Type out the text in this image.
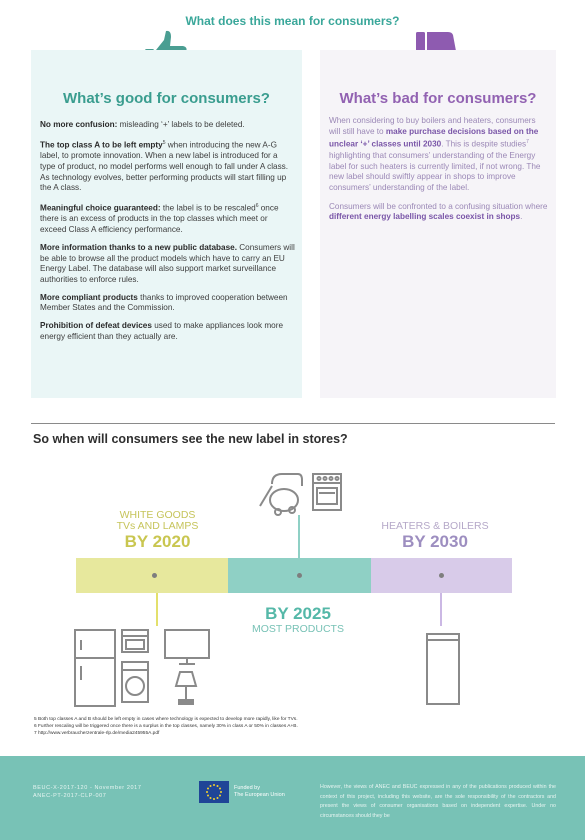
What does this mean for consumers?
What’s good for consumers?

No more confusion: misleading ‘+’ labels to be deleted.

The top class A to be left empty$^5$ when introducing the new A-G label, to promote innovation. When a new label is introduced for a type of product, no model performs well enough to fall under A class. As technology evolves, better performing products will start filling up the A class.

Meaningful choice guaranteed: the label is to be rescaled$^6$ once there is an excess of products in the top classes which meet or exceed Class A efficiency performance.

More information thanks to a new public database. Consumers will be able to browse all the product models which have to carry an EU Energy Label. The database will also support market surveillance authorities to enforce rules.

More compliant products thanks to improved cooperation between Member States and the Commission.

Prohibition of defeat devices used to make appliances look more energy efficient than they actually are.

What’s bad for consumers?

When considering to buy boilers and heaters, consumers will still have to make purchase decisions based on the unclear ‘+’ classes until 2030. This is despite studies$^7$ highlighting that consumers’ understanding of the Energy label for such heaters is currently limited, if not wrong. The new label should swiftly appear in shops to improve consumers’ understanding of the label.

Consumers will be confronted to a confusing situation where different energy labelling scales coexist in shops.

So when will consumers see the new label in stores?
WHITE GOODS
TVs AND LAMPS
BY 2020
HEATERS & BOILERS
BY 2030
BY 2025
MOST PRODUCTS
5 Both top classes A and B should be left empty in cases where technology is expected to develop more rapidly, like for TVs.
6 Further rescaling will be triggered once there is a surplus in the top classes, namely 30% in class A or 50% in classes A+B.
7 http://www.verbraucherzentrale-rlp.de/media245955A.pdf
BEUC-X-2017-120 - November 2017
ANEC-PT-2017-CLP-007
Funded by
The European Union
However, the views of ANEC and BEUC expressed in any of the publications produced within the context of this project, including this website, are the sole responsibility of the contractors and present the views of consumer organisations based on independent expertise. Under no circumstances should they be
